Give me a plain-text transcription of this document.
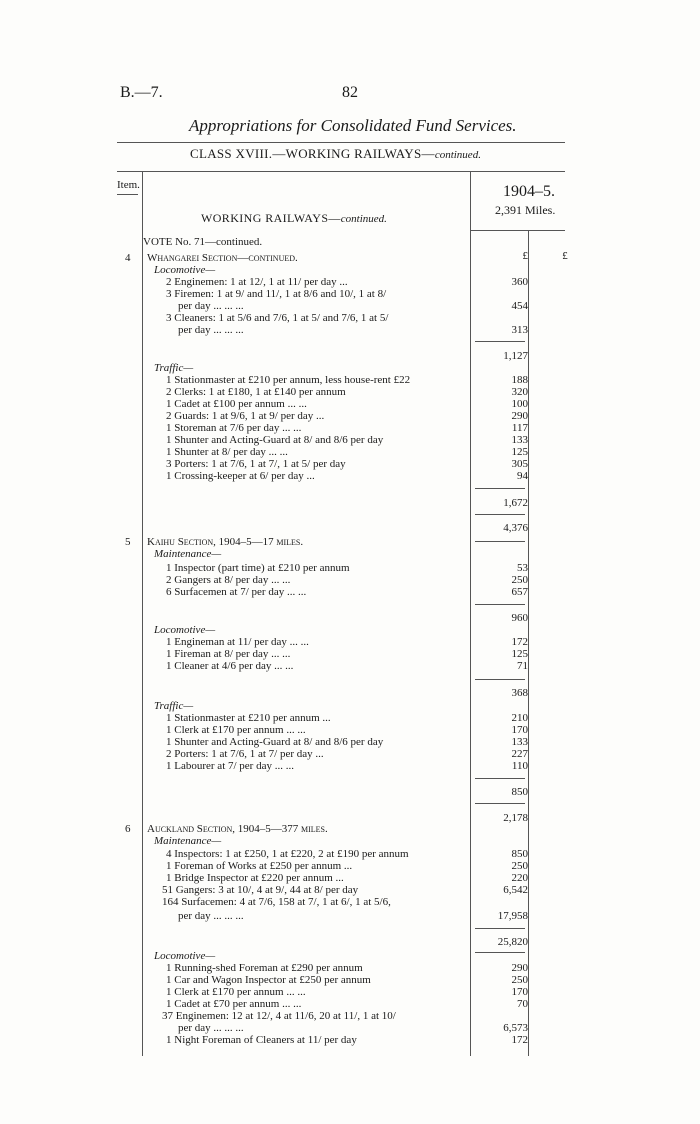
B.—7.	82
Appropriations for Consolidated Fund Services.
CLASS XVIII.—WORKING RAILWAYS—continued.
Item.	1904–5.
2,391 Miles.
WORKING RAILWAYS—continued.
£	£
VOTE No. 71—continued.
4 Whangarei Section—continued.
Locomotive—
2 Enginemen: 1 at 12/, 1 at 11/ per day ...	360
3 Firemen: 1 at 9/ and 11/, 1 at 8/6 and 10/, 1 at 8/
per day ... ... ...	454
3 Cleaners: 1 at 5/6 and 7/6, 1 at 5/ and 7/6, 1 at 5/
per day ... ... ...	313
1,127
Traffic—
1 Stationmaster at £210 per annum, less house-rent £22	188
2 Clerks: 1 at £180, 1 at £140 per annum	320
1 Cadet at £100 per annum ... ...	100
2 Guards: 1 at 9/6, 1 at 9/ per day ...	290
1 Storeman at 7/6 per day ... ...	117
1 Shunter and Acting-Guard at 8/ and 8/6 per day	133
1 Shunter at 8/ per day ... ...	125
3 Porters: 1 at 7/6, 1 at 7/, 1 at 5/ per day	305
1 Crossing-keeper at 6/ per day ...	94
1,672
4,376
5 Kaihu Section, 1904–5—17 miles.
Maintenance—
1 Inspector (part time) at £210 per annum	53
2 Gangers at 8/ per day ... ...	250
6 Surfacemen at 7/ per day ... ...	657
960
Locomotive—
1 Engineman at 11/ per day ... ...	172
1 Fireman at 8/ per day ... ...	125
1 Cleaner at 4/6 per day ... ...	71
368
Traffic—
1 Stationmaster at £210 per annum ...	210
1 Clerk at £170 per annum ... ...	170
1 Shunter and Acting-Guard at 8/ and 8/6 per day	133
2 Porters: 1 at 7/6, 1 at 7/ per day ...	227
1 Labourer at 7/ per day ... ...	110
850
2,178
6 Auckland Section, 1904–5—377 miles.
Maintenance—
4 Inspectors: 1 at £250, 1 at £220, 2 at £190 per annum	850
1 Foreman of Works at £250 per annum ...	250
1 Bridge Inspector at £220 per annum ...	220
51 Gangers: 3 at 10/, 4 at 9/, 44 at 8/ per day	6,542
164 Surfacemen: 4 at 7/6, 158 at 7/, 1 at 6/, 1 at 5/6,
per day ... ... ...	17,958
25,820
Locomotive—
1 Running-shed Foreman at £290 per annum	290
1 Car and Wagon Inspector at £250 per annum	250
1 Clerk at £170 per annum ... ...	170
1 Cadet at £70 per annum ... ...	70
37 Enginemen: 12 at 12/, 4 at 11/6, 20 at 11/, 1 at 10/
per day ... ... ...	6,573
1 Night Foreman of Cleaners at 11/ per day	172
